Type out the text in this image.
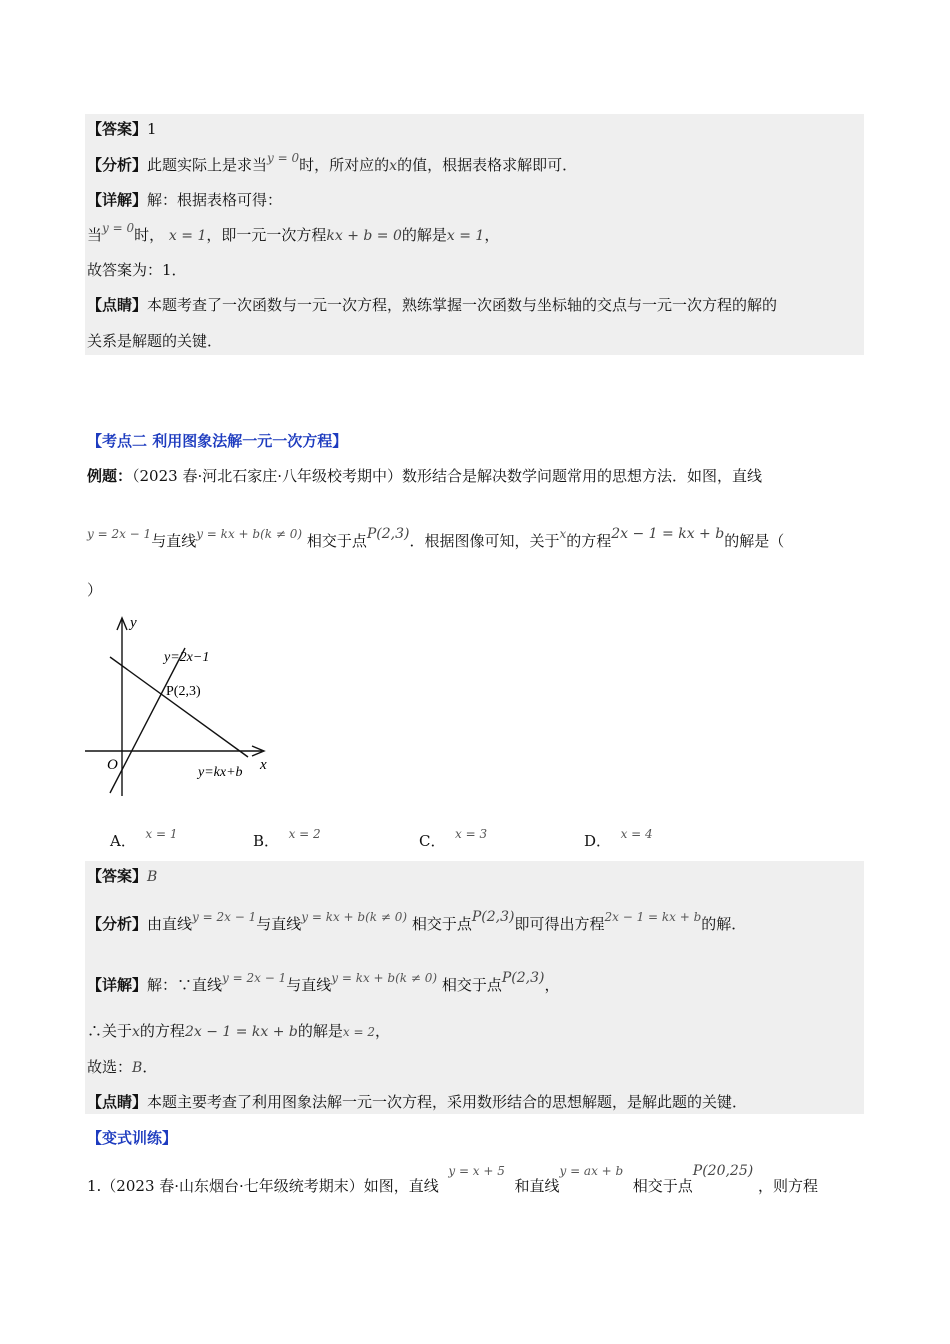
【答案】1
【分析】此题实际上是求当$^{y = 0}$时，所对应的x的值，根据表格求解即可．
【详解】解：根据表格可得：
当$^{y = 0}$时， x = 1，即一元一次方程kx + b = 0的解是x = 1，
故答案为：1．
【点睛】本题考查了一次函数与一元一次方程，熟练掌握一次函数与坐标轴的交点与一元一次方程的解的
关系是解题的关键．
【考点二 利用图象法解一元一次方程】
例题：（2023 春·河北石家庄·八年级校考期中）数形结合是解决数学问题常用的思想方法．如图，直线
$^{y = 2x - 1}$与直线$^{y = kx + b(k \ne 0)}$ 相交于点P(2,3)．根据图像可知，关于$^x$的方程2x − 1 = kx + b的解是（
）
y
x
O
y=2x−1
P(2,3)
y=kx+b
A． $^{x = 1}$	B． $^{x = 2}$	C． $^{x = 3}$	D． $^{x = 4}$
【答案】B
【分析】由直线$^{y = 2x - 1}$与直线$^{y = kx + b(k \ne 0)}$ 相交于点P(2,3)即可得出方程$^{2x - 1 = kx + b}$的解．
【详解】解：∵直线$^{y = 2x - 1}$与直线$^{y = kx + b(k \ne 0)}$ 相交于点P(2,3)，
∴关于x的方程2x − 1 = kx + b的解是x = 2，
故选：B．
【点睛】本题主要考查了利用图象法解一元一次方程，采用数形结合的思想解题，是解此题的关键．
【变式训练】
1.（2023 春·山东烟台·七年级统考期末）如图，直线  $^{y = x + 5}$  和直线$^{y = ax + b}$  相交于点P(20,25) ，则方程
